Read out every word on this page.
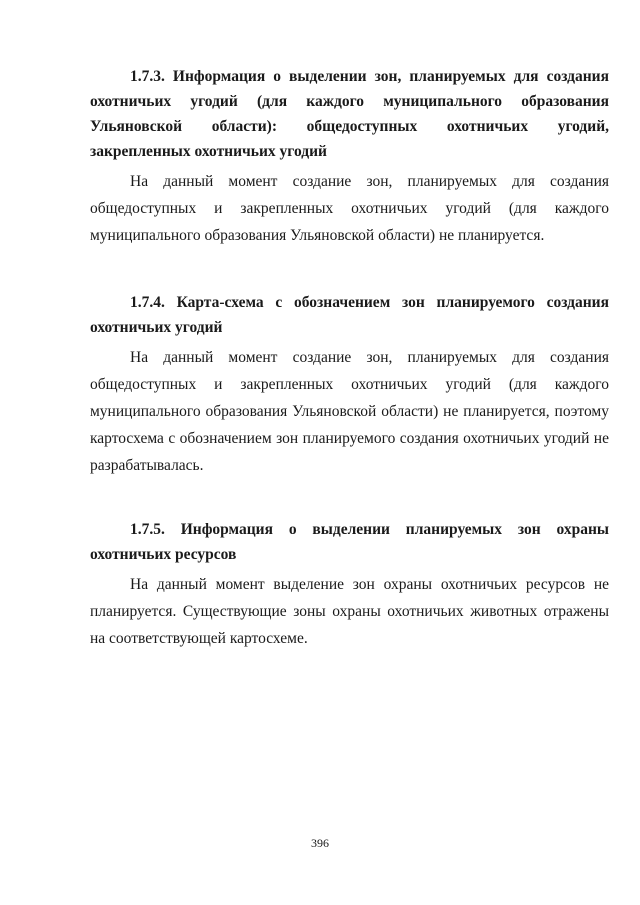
1.7.3. Информация о выделении зон, планируемых для создания охотничьих угодий (для каждого муниципального образования Ульяновской области): общедоступных охотничьих угодий, закрепленных охотничьих угодий

На данный момент создание зон, планируемых для создания общедоступных и закрепленных охотничьих угодий (для каждого муниципального образования Ульяновской области) не планируется.

1.7.4. Карта-схема с обозначением зон планируемого создания охотничьих угодий

На данный момент создание зон, планируемых для создания общедоступных и закрепленных охотничьих угодий (для каждого муниципального образования Ульяновской области) не планируется, поэтому картосхема с обозначением зон планируемого создания охотничьих угодий не разрабатывалась.

1.7.5. Информация о выделении планируемых зон охраны охотничьих ресурсов

На данный момент выделение зон охраны охотничьих ресурсов не планируется. Существующие зоны охраны охотничьих животных отражены на соответствующей картосхеме.

396
